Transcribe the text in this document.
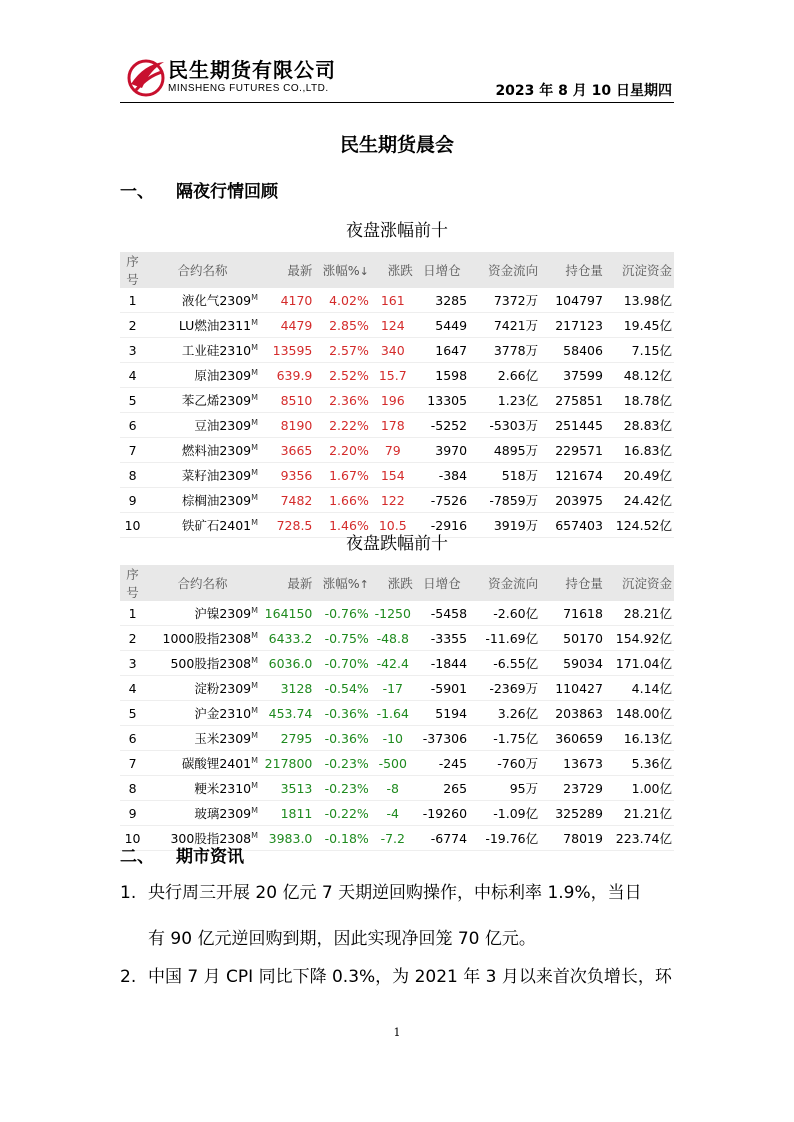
民生期货有限公司
MINSHENG FUTURES CO.,LTD.	2023 年 8 月 10 日星期四
民生期货晨会
一、 隔夜行情回顾
夜盘涨幅前十
序号	合约名称	最新	涨幅%↓	涨跌	日增仓	资金流向	持仓量	沉淀资金
1	液化气$2309^M$	4170	4.02%	161	3285	7372万	104797	13.98亿
2	LU燃油$2311^M$	4479	2.85%	124	5449	7421万	217123	19.45亿
3	工业硅$2310^M$	13595	2.57%	340	1647	3778万	58406	7.15亿
4	原油$2309^M$	639.9	2.52%	15.7	1598	2.66亿	37599	48.12亿
5	苯乙烯$2309^M$	8510	2.36%	196	13305	1.23亿	275851	18.78亿
6	豆油$2309^M$	8190	2.22%	178	-5252	-5303万	251445	28.83亿
7	燃料油$2309^M$	3665	2.20%	79	3970	4895万	229571	16.83亿
8	菜籽油$2309^M$	9356	1.67%	154	-384	518万	121674	20.49亿
9	棕榈油$2309^M$	7482	1.66%	122	-7526	-7859万	203975	24.42亿
10	铁矿石$2401^M$	728.5	1.46%	10.5	-2916	3919万	657403	124.52亿
夜盘跌幅前十
序号	合约名称	最新	涨幅%↑	涨跌	日增仓	资金流向	持仓量	沉淀资金
1	沪镍$2309^M$	164150	-0.76%	-1250	-5458	-2.60亿	71618	28.21亿
2	1000股指$2308^M$	6433.2	-0.75%	-48.8	-3355	-11.69亿	50170	154.92亿
3	500股指$2308^M$	6036.0	-0.70%	-42.4	-1844	-6.55亿	59034	171.04亿
4	淀粉$2309^M$	3128	-0.54%	-17	-5901	-2369万	110427	4.14亿
5	沪金$2310^M$	453.74	-0.36%	-1.64	5194	3.26亿	203863	148.00亿
6	玉米$2309^M$	2795	-0.36%	-10	-37306	-1.75亿	360659	16.13亿
7	碳酸锂$2401^M$	217800	-0.23%	-500	-245	-760万	13673	5.36亿
8	粳米$2310^M$	3513	-0.23%	-8	265	95万	23729	1.00亿
9	玻璃$2309^M$	1811	-0.22%	-4	-19260	-1.09亿	325289	21.21亿
10	300股指$2308^M$	3983.0	-0.18%	-7.2	-6774	-19.76亿	78019	223.74亿
二、 期市资讯
1. 央行周三开展 20 亿元 7 天期逆回购操作，中标利率 1.9%，当日
有 90 亿元逆回购到期，因此实现净回笼 70 亿元。
2. 中国 7 月 CPI 同比下降 0.3%，为 2021 年 3 月以来首次负增长，环
1
